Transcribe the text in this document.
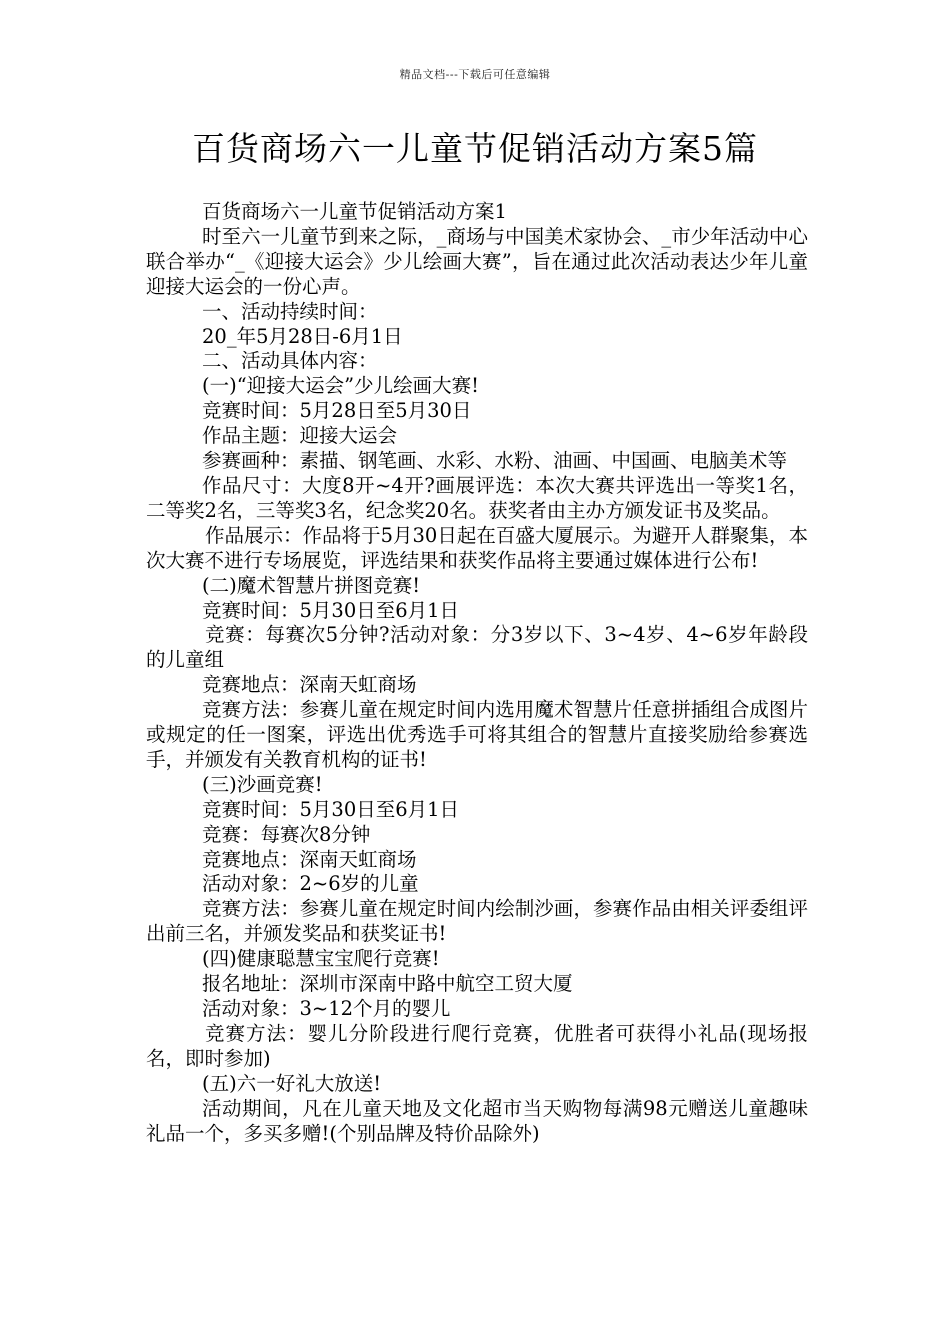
精品文档---下载后可任意编辑
百货商场六一儿童节促销活动方案5篇

百货商场六一儿童节促销活动方案1

时至六一儿童节到来之际，_商场与中国美术家协会、_市少年活动中心联合举办“_《迎接大运会》少儿绘画大赛”，旨在通过此次活动表达少年儿童迎接大运会的一份心声。

一、活动持续时间：

20_年5月28日-6月1日

二、活动具体内容：

(一)“迎接大运会”少儿绘画大赛!

竞赛时间：5月28日至5月30日

作品主题：迎接大运会

参赛画种：素描、钢笔画、水彩、水粉、油画、中国画、电脑美术等

作品尺寸：大度8开~4开?画展评选：本次大赛共评选出一等奖1名，二等奖2名，三等奖3名，纪念奖20名。获奖者由主办方颁发证书及奖品。

作品展示：作品将于5月30日起在百盛大厦展示。为避开人群聚集，本次大赛不进行专场展览，评选结果和获奖作品将主要通过媒体进行公布!

(二)魔术智慧片拼图竞赛!

竞赛时间：5月30日至6月1日

竞赛：每赛次5分钟?活动对象：分3岁以下、3~4岁、4~6岁年龄段的儿童组

竞赛地点：深南天虹商场

竞赛方法：参赛儿童在规定时间内选用魔术智慧片任意拼插组合成图片或规定的任一图案，评选出优秀选手可将其组合的智慧片直接奖励给参赛选手，并颁发有关教育机构的证书!

(三)沙画竞赛!

竞赛时间：5月30日至6月1日

竞赛：每赛次8分钟

竞赛地点：深南天虹商场

活动对象：2~6岁的儿童

竞赛方法：参赛儿童在规定时间内绘制沙画，参赛作品由相关评委组评出前三名，并颁发奖品和获奖证书!

(四)健康聪慧宝宝爬行竞赛!

报名地址：深圳市深南中路中航空工贸大厦

活动对象：3~12个月的婴儿

竞赛方法：婴儿分阶段进行爬行竞赛，优胜者可获得小礼品(现场报名，即时参加)

(五)六一好礼大放送!

活动期间，凡在儿童天地及文化超市当天购物每满98元赠送儿童趣味礼品一个，多买多赠!(个别品牌及特价品除外)
